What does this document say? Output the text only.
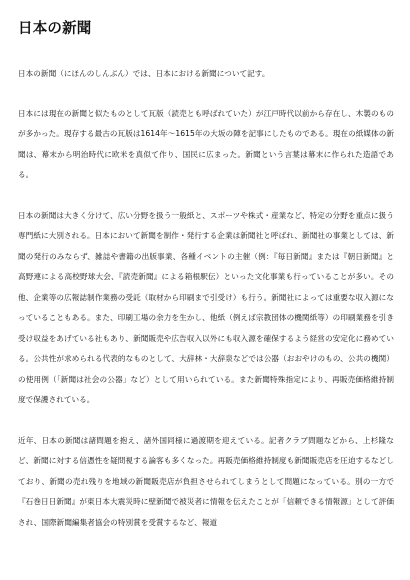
日本の新聞

日本の新聞（にほんのしんぶん）では、日本における新聞について記す。

日本には現在の新聞と似たものとして瓦版（読売とも呼ばれていた）が江戸時代以前から存在し、木製のものが多かった。現存する最古の瓦版は1614年〜1615年の大坂の陣を記事にしたものである。現在の紙媒体の新聞は、幕末から明治時代に欧米を真似て作り、国民に広まった。新聞という言葉は幕末に作られた造語である。

日本の新聞は大きく分けて、広い分野を扱う一般紙と、スポーツや株式・産業など、特定の分野を重点に扱う専門紙に大別される。日本において新聞を制作・発行する企業は新聞社と呼ばれ、新聞社の事業としては、新聞の発行のみならず、雑誌や書籍の出版事業、各種イベントの主催（例：『毎日新聞』または『朝日新聞』と高野連による高校野球大会、『読売新聞』による箱根駅伝）といった文化事業も行っていることが多い。その他、企業等の広報誌制作業務の受託（取材から印刷まで引受け）も行う。新聞社によっては重要な収入源になっていることもある。また、印刷工場の余力を生かし、他紙（例えば宗教団体の機関紙等）の印刷業務を引き受け収益をあげている社もあり、新聞販売や広告収入以外にも収入源を確保するよう経営の安定化に務めている。公共性が求められる代表的なものとして、大辞林・大辞泉などでは公器（おおやけのもの、公共の機関）の使用例（「新聞は社会の公器」など）として用いられている。また新聞特殊指定により、再販売価格維持制度で保護されている。

近年、日本の新聞は諸問題を抱え、諸外国同様に過渡期を迎えている。記者クラブ問題などから、上杉隆など、新聞に対する信憑性を疑問視する論客も多くなった。再販売価格維持制度も新聞販売店を圧迫するなどしており、新聞の売れ残りを地域の新聞販売店が負担させられてしまうとして問題になっている。別の一方で『石巻日日新聞』が東日本大震災時に壁新聞で被災者に情報を伝えたことが「信頼できる情報源」として評価され、国際新聞編集者協会の特別賞を受賞するなど、報道
